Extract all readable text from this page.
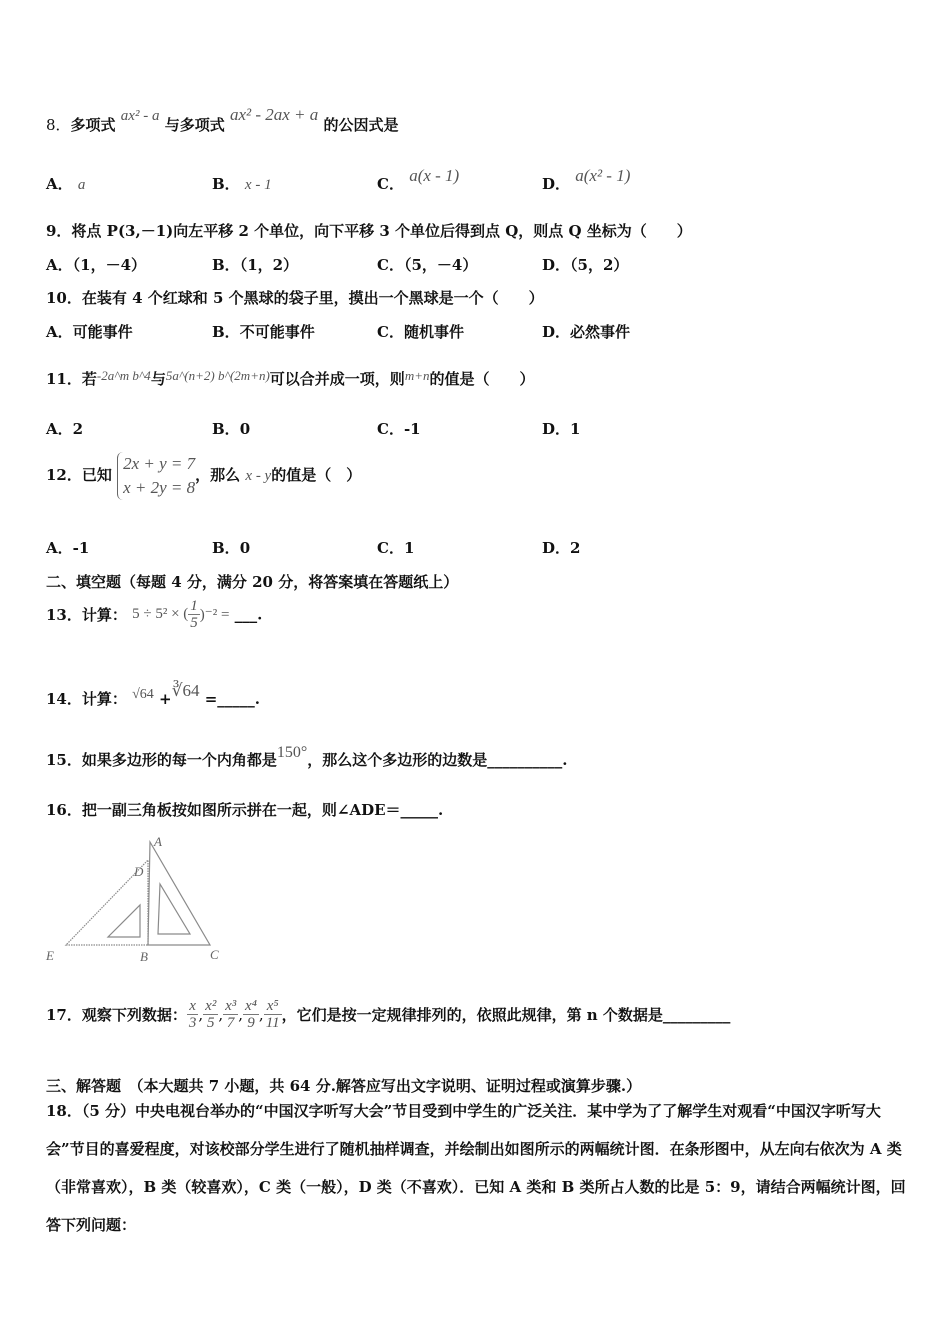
8．多项式 ax² - a 与多项式 ax² - 2ax + a 的公因式是
A． a	B． x - 1	C． a(x - 1)	D． a(x² - 1)
9．将点 P(3,－1)向左平移 2 个单位，向下平移 3 个单位后得到点 Q，则点 Q 坐标为（　　）
A．（1，－4）	B．（1，2）	C．（5，－4）	D．（5，2）
10．在装有 4 个红球和 5 个黑球的袋子里，摸出一个黑球是一个（　　）
A．可能事件	B．不可能事件	C．随机事件	D．必然事件
11．若-2a^m b^4与5a^(n+2) b^(2m+n)可以合并成一项，则m+n的值是（　　）
A．2	B．0	C．-1	D．1
12．已知
2x + y = 7
x + 2y = 8
，那么 x - y的值是（　）
A．-1	B．0	C．1	D．2
二、填空题（每题 4 分，满分 20 分，将答案填在答题纸上）
13．计算： 5 ÷ 5² × ( $\frac{1}{5} )^{-2}$ = ___.
14．计算： √64 +∛64 =_____.
15．如果多边形的每一个内角都是150°，那么这个多边形的边数是__________.
16．把一副三角板按如图所示拼在一起，则∠ADE＝_____.
A
D
E	B	C
17．观察下列数据： $\frac{x}{3}$ , $\frac{\text{x²}}{5}$ , $\frac{\text{x³}}{7}$ , $\frac{\text{x⁴}}{9}$ , $\frac{\text{x⁵}}{11}$ ，它们是按一定规律排列的，依照此规律，第 n 个数据是_________
三、解答题　（本大题共 7 小题，共 64 分.解答应写出文字说明、证明过程或演算步骤.）
18．（5 分）中央电视台举办的“中国汉字听写大会”节目受到中学生的广泛关注．某中学为了了解学生对观看“中国汉字听写大会”节目的喜爱程度，对该校部分学生进行了随机抽样调查，并绘制出如图所示的两幅统计图．在条形图中，从左向右依次为 A 类（非常喜欢），B 类（较喜欢），C 类（一般），D 类（不喜欢）．已知 A 类和 B 类所占人数的比是 5：9，请结合两幅统计图，回答下列问题：
